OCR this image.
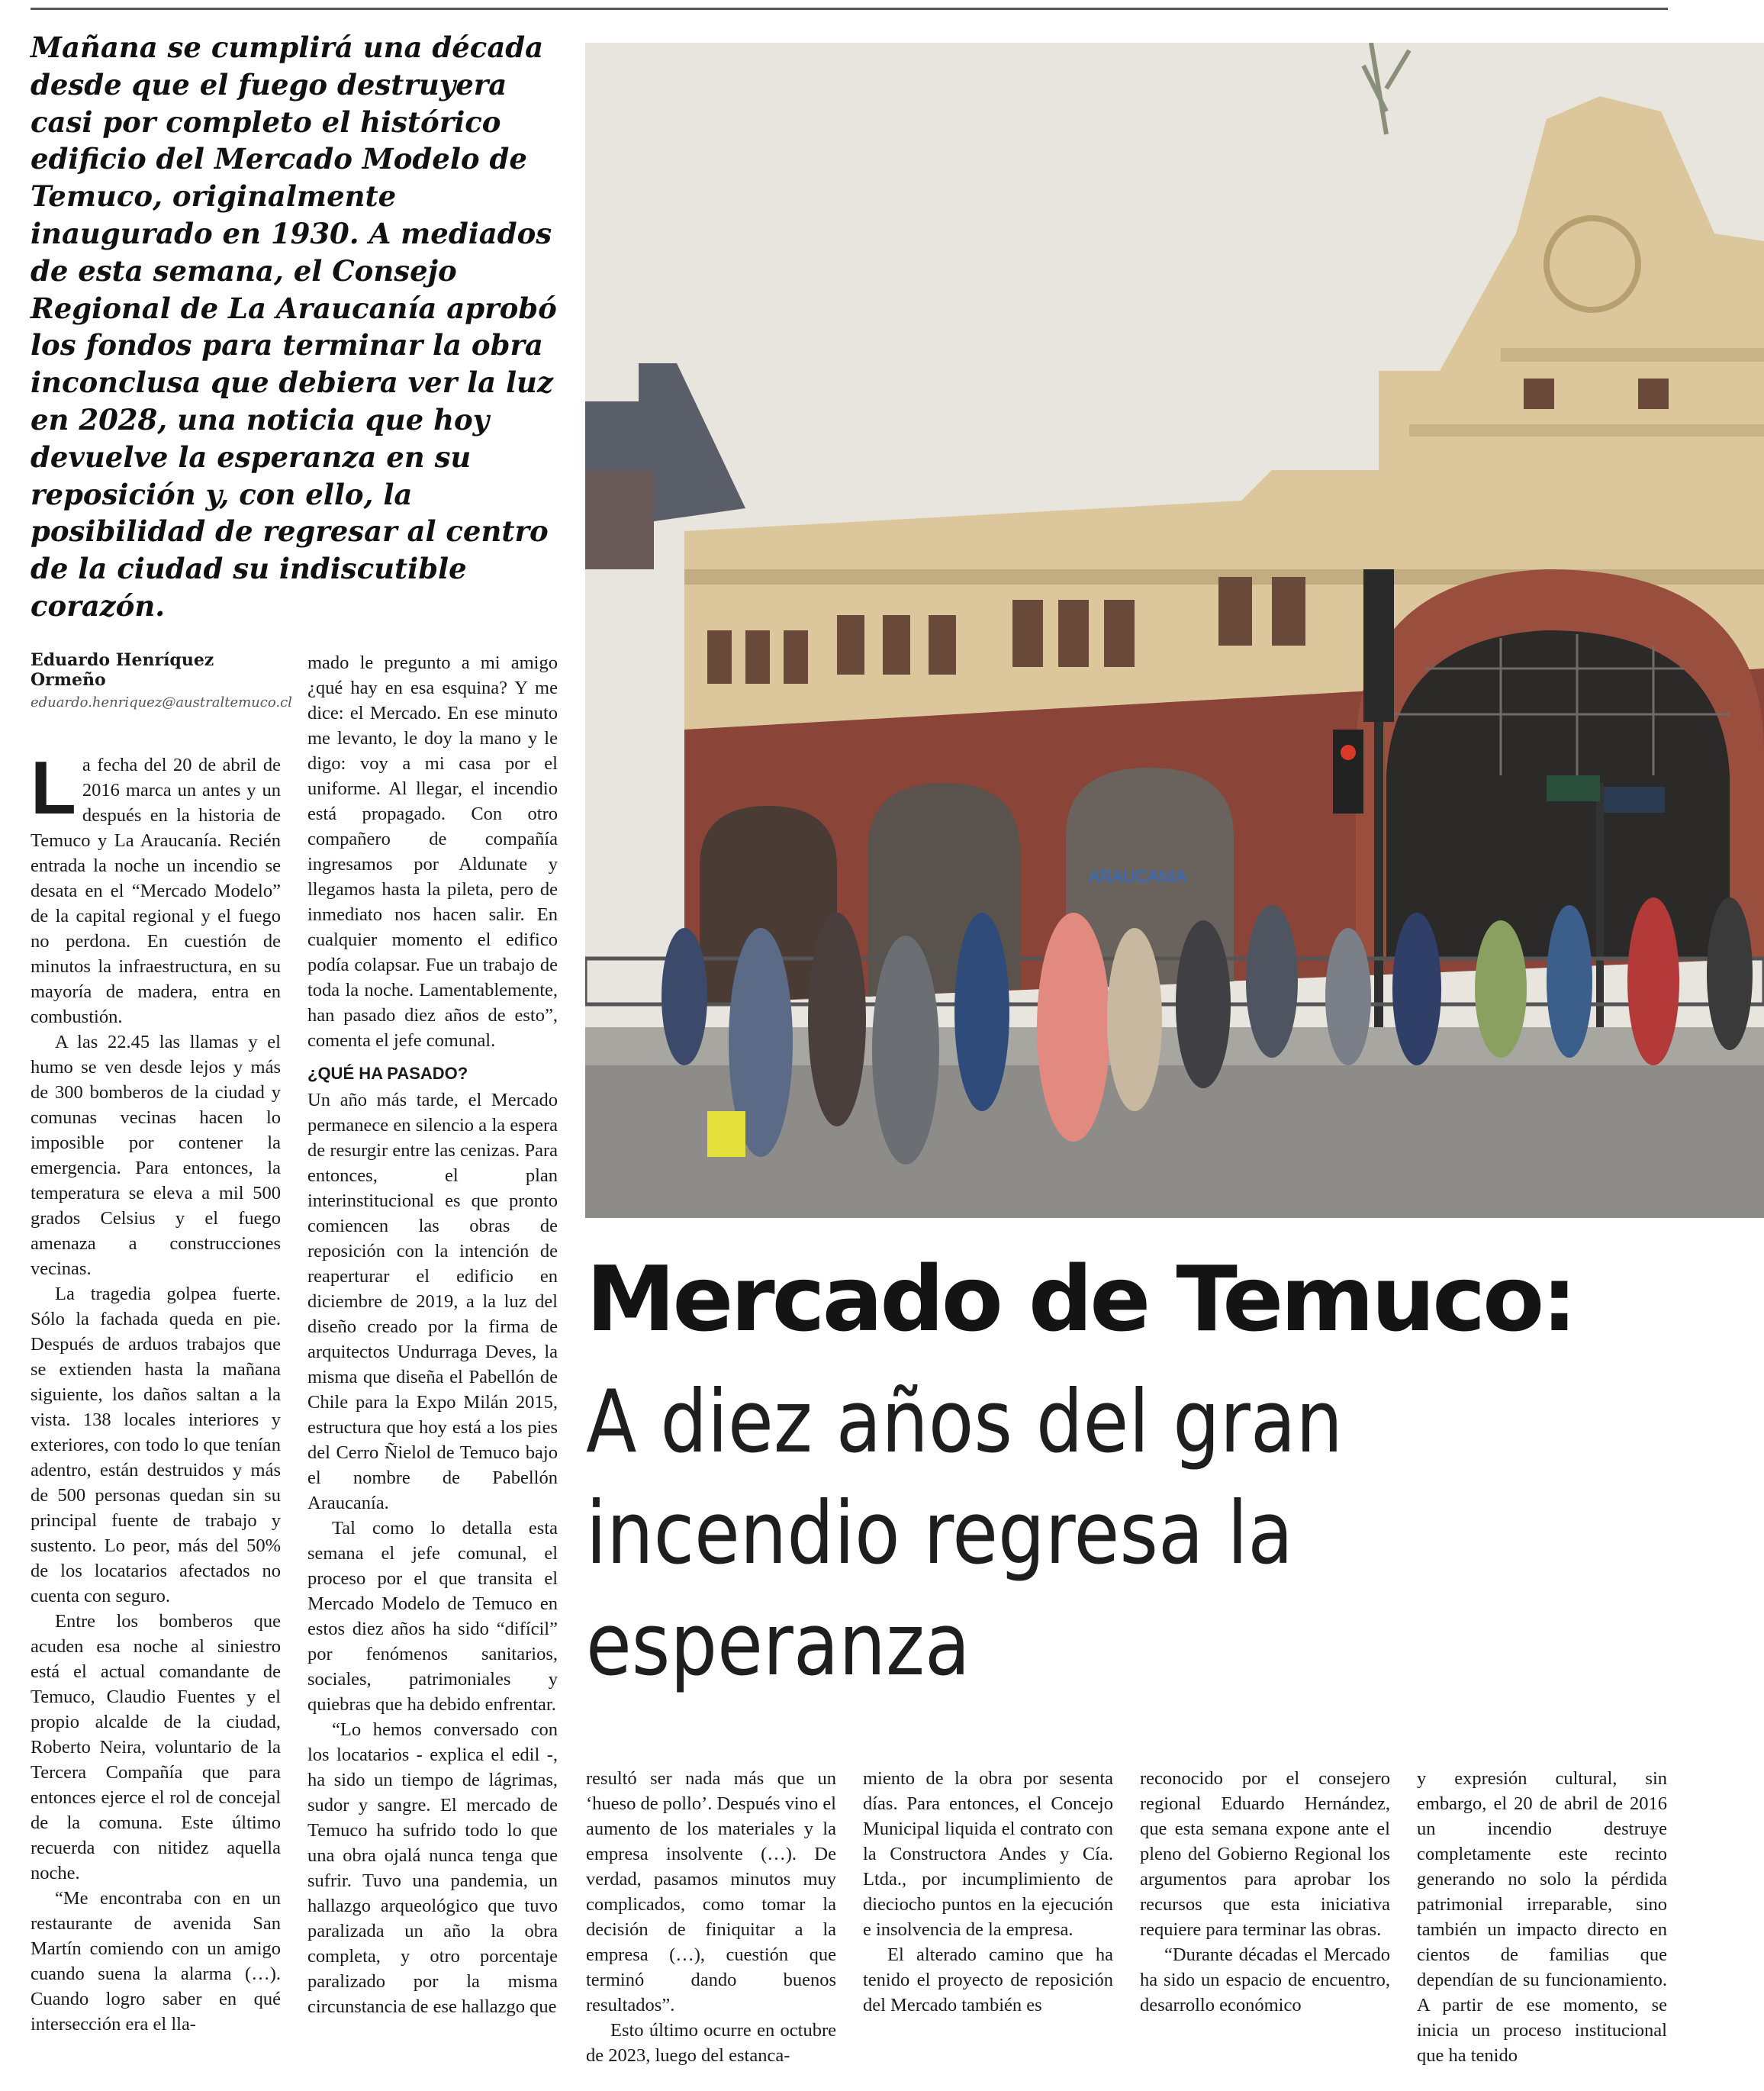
Mañana se cumplirá una década desde que el fuego destruyera casi por completo el histórico edificio del Mercado Modelo de Temuco, originalmente inaugurado en 1930. A mediados de esta semana, el Consejo Regional de La Araucanía aprobó los fondos para terminar la obra inconclusa que debiera ver la luz en 2028, una noticia que hoy devuelve la esperanza en su reposición y, con ello, la posibilidad de regresar al centro de la ciudad su indiscutible corazón.

Eduardo Henríquez Ormeño

eduardo.henriquez@australtemuco.cl

La fecha del 20 de abril de 2016 marca un antes y un después en la historia de Temuco y La Araucanía. Recién entrada la noche un incendio se desata en el “Mercado Modelo” de la capital regional y el fuego no perdona. En cuestión de minutos la infraestructura, en su mayoría de madera, entra en combustión.

A las 22.45 las llamas y el humo se ven desde lejos y más de 300 bomberos de la ciudad y comunas vecinas hacen lo imposible por contener la emergencia. Para entonces, la temperatura se eleva a mil 500 grados Celsius y el fuego amenaza a construcciones vecinas.

La tragedia golpea fuerte. Sólo la fachada queda en pie. Después de arduos trabajos que se extienden hasta la mañana siguiente, los daños saltan a la vista. 138 locales interiores y exteriores, con todo lo que tenían adentro, están destruidos y más de 500 personas quedan sin su principal fuente de trabajo y sustento. Lo peor, más del 50% de los locatarios afectados no cuenta con seguro.

Entre los bomberos que acuden esa noche al siniestro está el actual comandante de Temuco, Claudio Fuentes y el propio alcalde de la ciudad, Roberto Neira, voluntario de la Tercera Compañía que para entonces ejerce el rol de concejal de la comuna. Este último recuerda con nitidez aquella noche.

“Me encontraba con en un restaurante de avenida San Martín comiendo con un amigo cuando suena la alarma (…). Cuando logro saber en qué intersección era el lla-

mado le pregunto a mi amigo ¿qué hay en esa esquina? Y me dice: el Mercado. En ese minuto me levanto, le doy la mano y le digo: voy a mi casa por el uniforme. Al llegar, el incendio está propagado. Con otro compañero de compañía ingresamos por Aldunate y llegamos hasta la pileta, pero de inmediato nos hacen salir. En cualquier momento el edifico podía colapsar. Fue un trabajo de toda la noche. Lamentablemente, han pasado diez años de esto”, comenta el jefe comunal.

¿QUÉ HA PASADO?

Un año más tarde, el Mercado permanece en silencio a la espera de resurgir entre las cenizas. Para entonces, el plan interinstitucional es que pronto comiencen las obras de reposición con la intención de reaperturar el edificio en diciembre de 2019, a la luz del diseño creado por la firma de arquitectos Undurraga Deves, la misma que diseña el Pabellón de Chile para la Expo Milán 2015, estructura que hoy está a los pies del Cerro Ñielol de Temuco bajo el nombre de Pabellón Araucanía.

Tal como lo detalla esta semana el jefe comunal, el proceso por el que transita el Mercado Modelo de Temuco en estos diez años ha sido “difícil” por fenómenos sanitarios, sociales, patrimoniales y quiebras que ha debido enfrentar.

“Lo hemos conversado con los locatarios - explica el edil -, ha sido un tiempo de lágrimas, sudor y sangre. El mercado de Temuco ha sufrido todo lo que una obra ojalá nunca tenga que sufrir. Tuvo una pandemia, un hallazgo arqueológico que tuvo paralizada un año la obra completa, y otro porcentaje paralizado por la misma circunstancia de ese hallazgo que

ARAUCANIA
Mercado de Temuco:
A diez años del gran incendio regresa la esperanza

resultó ser nada más que un ‘hueso de pollo’. Después vino el aumento de los materiales y la empresa insolvente (…). De verdad, pasamos minutos muy complicados, como tomar la decisión de finiquitar a la empresa (…), cuestión que terminó dando buenos resultados”.

Esto último ocurre en octubre de 2023, luego del estanca-

miento de la obra por sesenta días. Para entonces, el Concejo Municipal liquida el contrato con la Constructora Andes y Cía. Ltda., por incumplimiento de dieciocho puntos en la ejecución e insolvencia de la empresa.

El alterado camino que ha tenido el proyecto de reposición del Mercado también es

reconocido por el consejero regional Eduardo Hernández, que esta semana expone ante el pleno del Gobierno Regional los argumentos para aprobar los recursos que esta iniciativa requiere para terminar las obras.

“Durante décadas el Mercado ha sido un espacio de encuentro, desarrollo económico

y expresión cultural, sin embargo, el 20 de abril de 2016 un incendio destruye completamente este recinto generando no solo la pérdida patrimonial irreparable, sino también un impacto directo en cientos de familias que dependían de su funcionamiento. A partir de ese momento, se inicia un proceso institucional que ha tenido
